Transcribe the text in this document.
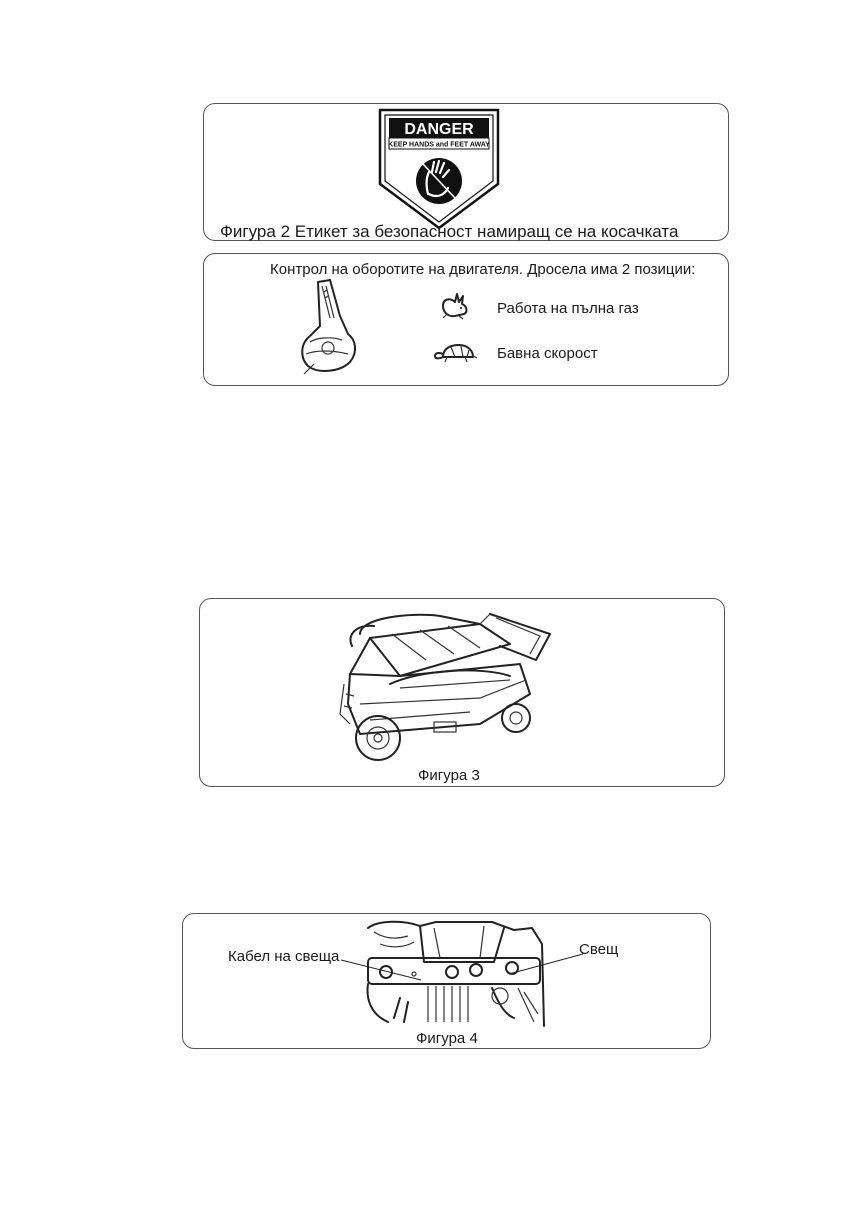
DANGER
KEEP HANDS and FEET AWAY
Фигура 2 Етикет за безопасност намиращ се на косачката
Контрол на оборотите на двигателя. Дросела има 2 позиции:
Работа на пълна газ
Бавна скорост
Фигура 3
Кабел на свеща	Свещ
Фигура 4
